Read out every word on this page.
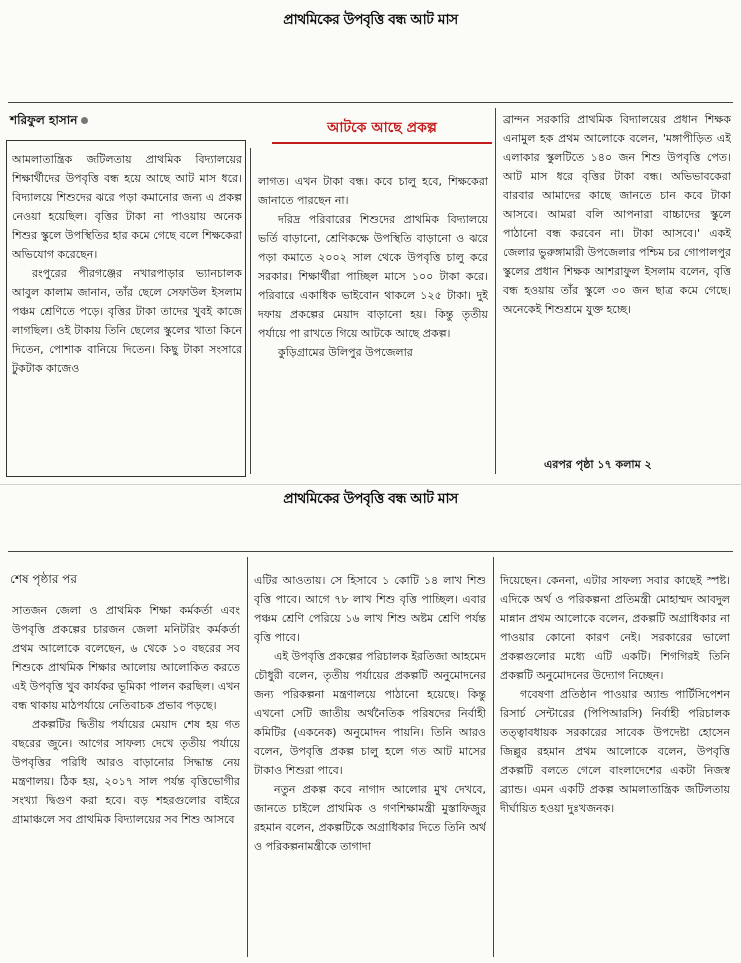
প্রাথমিকের উপবৃত্তি বন্ধ আট মাস
শরিফুল হাসান	আটকে আছে প্রকল্প

আমলাতান্ত্রিক জটিলতায় প্রাথমিক বিদ্যালয়ের শিক্ষার্থীদের উপবৃত্তি বন্ধ হয়ে আছে আট মাস ধরে। বিদ্যালয়ে শিশুদের ঝরে পড়া কমানোর জন্য এ প্রকল্প নেওয়া হয়েছিল। বৃত্তির টাকা না পাওয়ায় অনেক শিশুর স্কুলে উপস্থিতির হার কমে গেছে বলে শিক্ষকেরা অভিযোগ করেছেন।

রংপুরের পীরগঞ্জের নখারপাড়ার ভ্যানচালক আবুল কালাম জানান, তাঁর ছেলে সেফাউল ইসলাম পঞ্চম শ্রেণিতে পড়ে। বৃত্তির টাকা তাদের খুবই কাজে লাগছিল। ওই টাকায় তিনি ছেলের স্কুলের খাতা কিনে দিতেন, পোশাক বানিয়ে দিতেন। কিছু টাকা সংসারে টুকটাক কাজেও

লাগত। এখন টাকা বন্ধ। কবে চালু হবে, শিক্ষকেরা জানাতে পারছেন না।

দরিদ্র পরিবারের শিশুদের প্রাথমিক বিদ্যালয়ে ভর্তি বাড়ানো, শ্রেণিকক্ষে উপস্থিতি বাড়ানো ও ঝরে পড়া কমাতে ২০০২ সাল থেকে উপবৃত্তি চালু করে সরকার। শিক্ষার্থীরা পাচ্ছিল মাসে ১০০ টাকা করে। পরিবারে একাধিক ভাইবোন থাকলে ১২৫ টাকা। দুই দফায় প্রকল্পের মেয়াদ বাড়ানো হয়। কিন্তু তৃতীয় পর্যায়ে পা রাখতে গিয়ে আটকে আছে প্রকল্প।

কুড়িগ্রামের উলিপুর উপজেলার

ব্রান্দন সরকারি প্রাথমিক বিদ্যালয়ের প্রধান শিক্ষক এনামুল হক প্রথম আলোকে বলেন, 'মঙ্গাপীড়িত এই এলাকার স্কুলটিতে ১৪০ জন শিশু উপবৃত্তি পেত। আট মাস ধরে বৃত্তির টাকা বন্ধ। অভিভাবকেরা বারবার আমাদের কাছে জানতে চান কবে টাকা আসবে। আমরা বলি আপনারা বাচ্চাদের স্কুলে পাঠানো বন্ধ করবেন না। টাকা আসবে।' একই জেলার ভুরুঙ্গামারী উপজেলার পশ্চিম চর গোপালপুর স্কুলের প্রধান শিক্ষক আশরাফুল ইসলাম বলেন, বৃত্তি বন্ধ হওয়ায় তাঁর স্কুলে ৩০ জন ছাত্র কমে গেছে। অনেকেই শিশুশ্রমে যুক্ত হচ্ছে।

এরপর পৃষ্ঠা ১৭ কলাম ২
প্রাথমিকের উপবৃত্তি বন্ধ আট মাস
শেষ পৃষ্ঠার পর

সাতজন জেলা ও প্রাথমিক শিক্ষা কর্মকর্তা এবং উপবৃত্তি প্রকল্পের চারজন জেলা মনিটরিং কর্মকর্তা প্রথম আলোকে বলেছেন, ৬ থেকে ১০ বছরের সব শিশুকে প্রাথমিক শিক্ষার আলোয় আলোকিত করতে এই উপবৃত্তি খুব কার্যকর ভূমিকা পালন করছিল। এখন বন্ধ থাকায় মাঠপর্যায়ে নেতিবাচক প্রভাব পড়ছে।

প্রকল্পটির দ্বিতীয় পর্যায়ের মেয়াদ শেষ হয় গত বছরের জুনে। আগের সাফল্য দেখে তৃতীয় পর্যায়ে উপবৃত্তির পরিধি আরও বাড়ানোর সিদ্ধান্ত নেয় মন্ত্রণালয়। ঠিক হয়, ২০১৭ সাল পর্যন্ত বৃত্তিভোগীর সংখ্যা দ্বিগুণ করা হবে। বড় শহরগুলোর বাইরে গ্রামাঞ্চলে সব প্রাথমিক বিদ্যালয়ের সব শিশু আসবে

এটির আওতায়। সে হিসাবে ১ কোটি ১৪ লাখ শিশু বৃত্তি পাবে। আগে ৭৮ লাখ শিশু বৃত্তি পাচ্ছিল। এবার পঞ্চম শ্রেণি পেরিয়ে ১৬ লাখ শিশু অষ্টম শ্রেণি পর্যন্ত বৃত্তি পাবে।

এই উপবৃত্তি প্রকল্পের পরিচালক ইরতিজা আহমেদ চৌধুরী বলেন, তৃতীয় পর্যায়ের প্রকল্পটি অনুমোদনের জন্য পরিকল্পনা মন্ত্রণালয়ে পাঠানো হয়েছে। কিন্তু এখনো সেটি জাতীয় অর্থনৈতিক পরিষদের নির্বাহী কমিটির (একনেক) অনুমোদন পায়নি। তিনি আরও বলেন, উপবৃত্তি প্রকল্প চালু হলে গত আট মাসের টাকাও শিশুরা পাবে।

নতুন প্রকল্প কবে নাগাদ আলোর মুখ দেখবে, জানতে চাইলে প্রাথমিক ও গণশিক্ষামন্ত্রী মুস্তাফিজুর রহমান বলেন, প্রকল্পটিকে অগ্রাধিকার দিতে তিনি অর্থ ও পরিকল্পনামন্ত্রীকে তাগাদা

দিয়েছেন। কেননা, এটার সাফল্য সবার কাছেই স্পষ্ট। এদিকে অর্থ ও পরিকল্পনা প্রতিমন্ত্রী মোহাম্মদ আবদুল মান্নান প্রথম আলোকে বলেন, প্রকল্পটি অগ্রাধিকার না পাওয়ার কোনো কারণ নেই। সরকারের ভালো প্রকল্পগুলোর মধ্যে এটি একটি। শিগগিরই তিনি প্রকল্পটি অনুমোদনের উদ্যোগ নিচ্ছেন।

গবেষণা প্রতিষ্ঠান পাওয়ার অ্যান্ড পার্টিসিপেশন রিসার্চ সেন্টারের (পিপিআরসি) নির্বাহী পরিচালক তত্ত্বাবধায়ক সরকারের সাবেক উপদেষ্টা হোসেন জিল্লুর রহমান প্রথম আলোকে বলেন, উপবৃত্তি প্রকল্পটি বলতে গেলে বাংলাদেশের একটা নিজস্ব ব্র্যান্ড। এমন একটি প্রকল্প আমলাতান্ত্রিক জটিলতায় দীর্ঘায়িত হওয়া দুঃখজনক।
